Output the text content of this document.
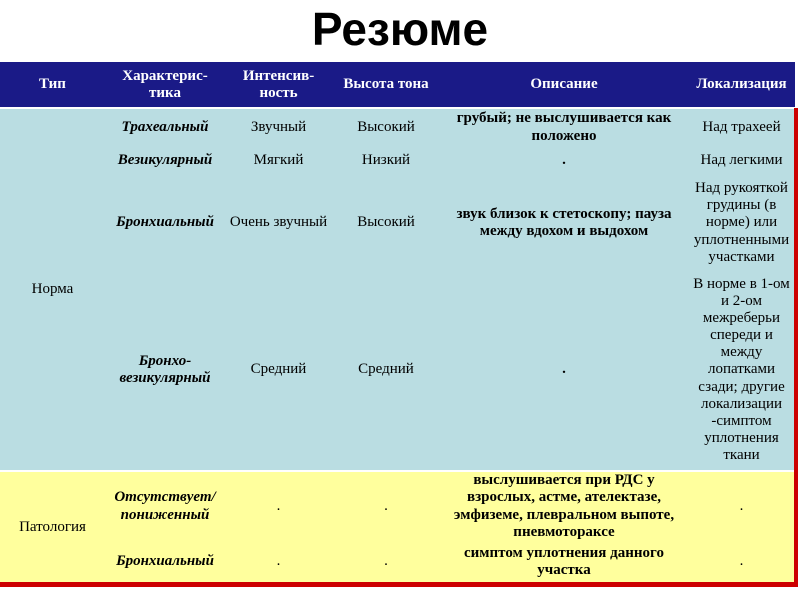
Резюме
Тип	Характерис-тика	Интенсив-ность	Высота тона	Описание	Локализация
Норма	Трахеальный	Звучный	Высокий	грубый; не выслушивается как положено	Над трахеей
	Везикулярный	Мягкий	Низкий	.	Над легкими
	Бронхиальный	Очень звучный	Высокий	звук близок к стетоскопу; пауза между вдохом и выдохом	Над рукояткой грудины (в норме) или уплотненными участками
	Бронхо-везикулярный	Средний	Средний	.	В норме в 1-ом и 2-ом межреберьи спереди и между лопатками сзади; другие локализации -симптом уплотнения ткани
Патология	Отсутствует/ пониженный	.	.	выслушивается при РДС у взрослых, астме, ателектазе, эмфиземе, плевральном выпоте, пневмотораксе	.
	Бронхиальный	.	.	симптом уплотнения данного участка	.
